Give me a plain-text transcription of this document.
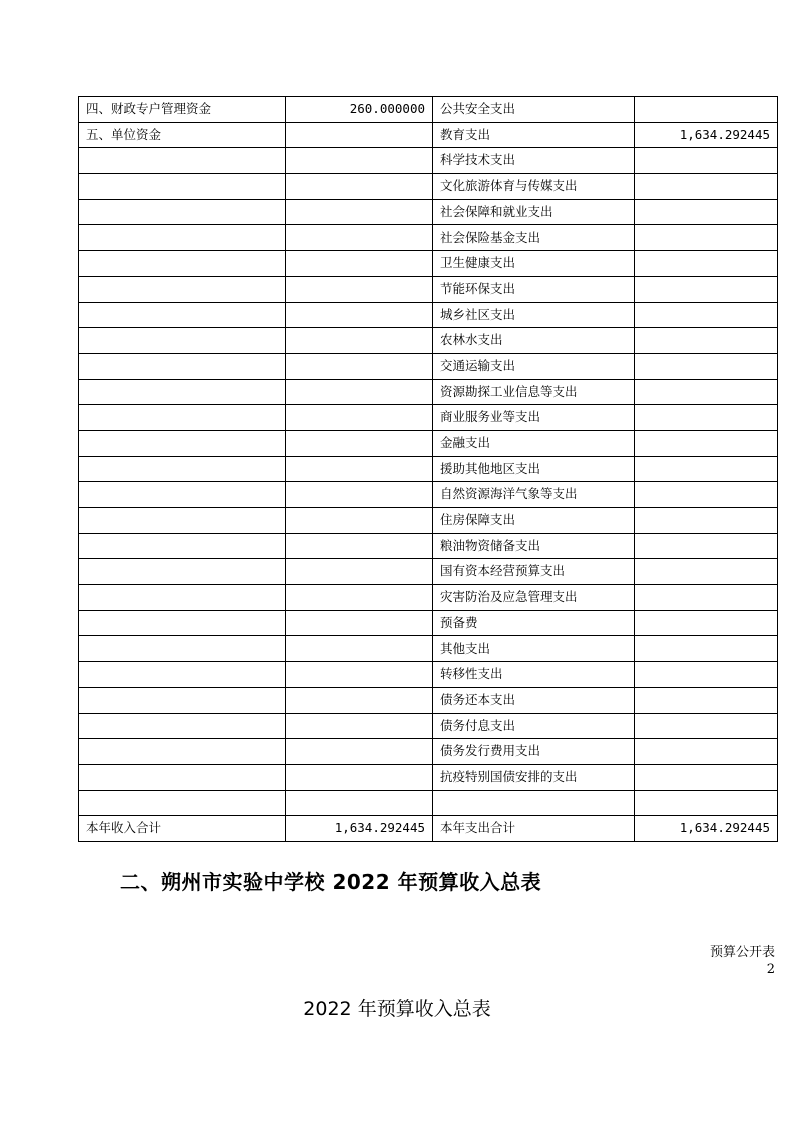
四、财政专户管理资金	260.000000	公共安全支出	
五、单位资金		教育支出	1,634.292445
		科学技术支出	
		文化旅游体育与传媒支出	
		社会保障和就业支出	
		社会保险基金支出	
		卫生健康支出	
		节能环保支出	
		城乡社区支出	
		农林水支出	
		交通运输支出	
		资源勘探工业信息等支出	
		商业服务业等支出	
		金融支出	
		援助其他地区支出	
		自然资源海洋气象等支出	
		住房保障支出	
		粮油物资储备支出	
		国有资本经营预算支出	
		灾害防治及应急管理支出	
		预备费	
		其他支出	
		转移性支出	
		债务还本支出	
		债务付息支出	
		债务发行费用支出	
		抗疫特别国债安排的支出	

本年收入合计	1,634.292445	本年支出合计	1,634.292445
二、朔州市实验中学校 2022 年预算收入总表
预算公开表
2
2022 年预算收入总表
